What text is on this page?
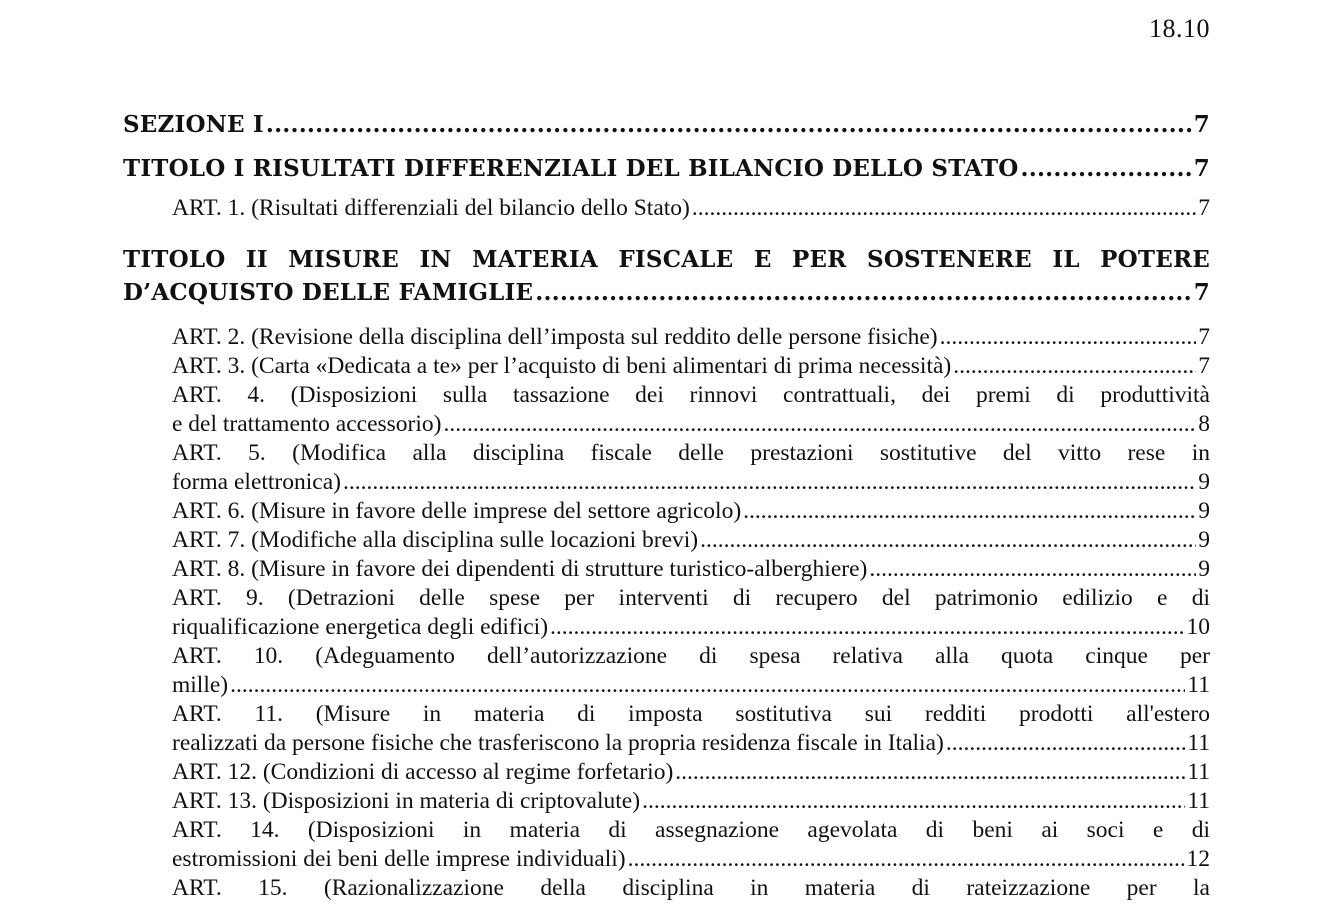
18.10
SEZIONE I .....	7
TITOLO I RISULTATI DIFFERENZIALI DEL BILANCIO DELLO STATO .....	7
ART. 1. (Risultati differenziali del bilancio dello Stato) .....	7
TITOLO II MISURE IN MATERIA FISCALE E PER SOSTENERE IL POTERE
D’ACQUISTO DELLE FAMIGLIE .....	7
ART. 2. (Revisione della disciplina dell’imposta sul reddito delle persone fisiche) .....	7
ART. 3. (Carta «Dedicata a te» per l’acquisto di beni alimentari di prima necessità) .....	7
ART. 4. (Disposizioni sulla tassazione dei rinnovi contrattuali, dei premi di produttività
e del trattamento accessorio) .....	8
ART. 5. (Modifica alla disciplina fiscale delle prestazioni sostitutive del vitto rese in
forma elettronica) .....	9
ART. 6. (Misure in favore delle imprese del settore agricolo) .....	9
ART. 7. (Modifiche alla disciplina sulle locazioni brevi) .....	9
ART. 8. (Misure in favore dei dipendenti di strutture turistico-alberghiere) .....	9
ART. 9. (Detrazioni delle spese per interventi di recupero del patrimonio edilizio e di
riqualificazione energetica degli edifici) .....	10
ART. 10. (Adeguamento dell’autorizzazione di spesa relativa alla quota cinque per
mille) .....	11
ART. 11. (Misure in materia di imposta sostitutiva sui redditi prodotti all'estero
realizzati da persone fisiche che trasferiscono la propria residenza fiscale in Italia) .....	11
ART. 12. (Condizioni di accesso al regime forfetario) .....	11
ART. 13. (Disposizioni in materia di criptovalute) .....	11
ART. 14. (Disposizioni in materia di assegnazione agevolata di beni ai soci e di
estromissioni dei beni delle imprese individuali) .....	12
ART. 15. (Razionalizzazione della disciplina in materia di rateizzazione per la
